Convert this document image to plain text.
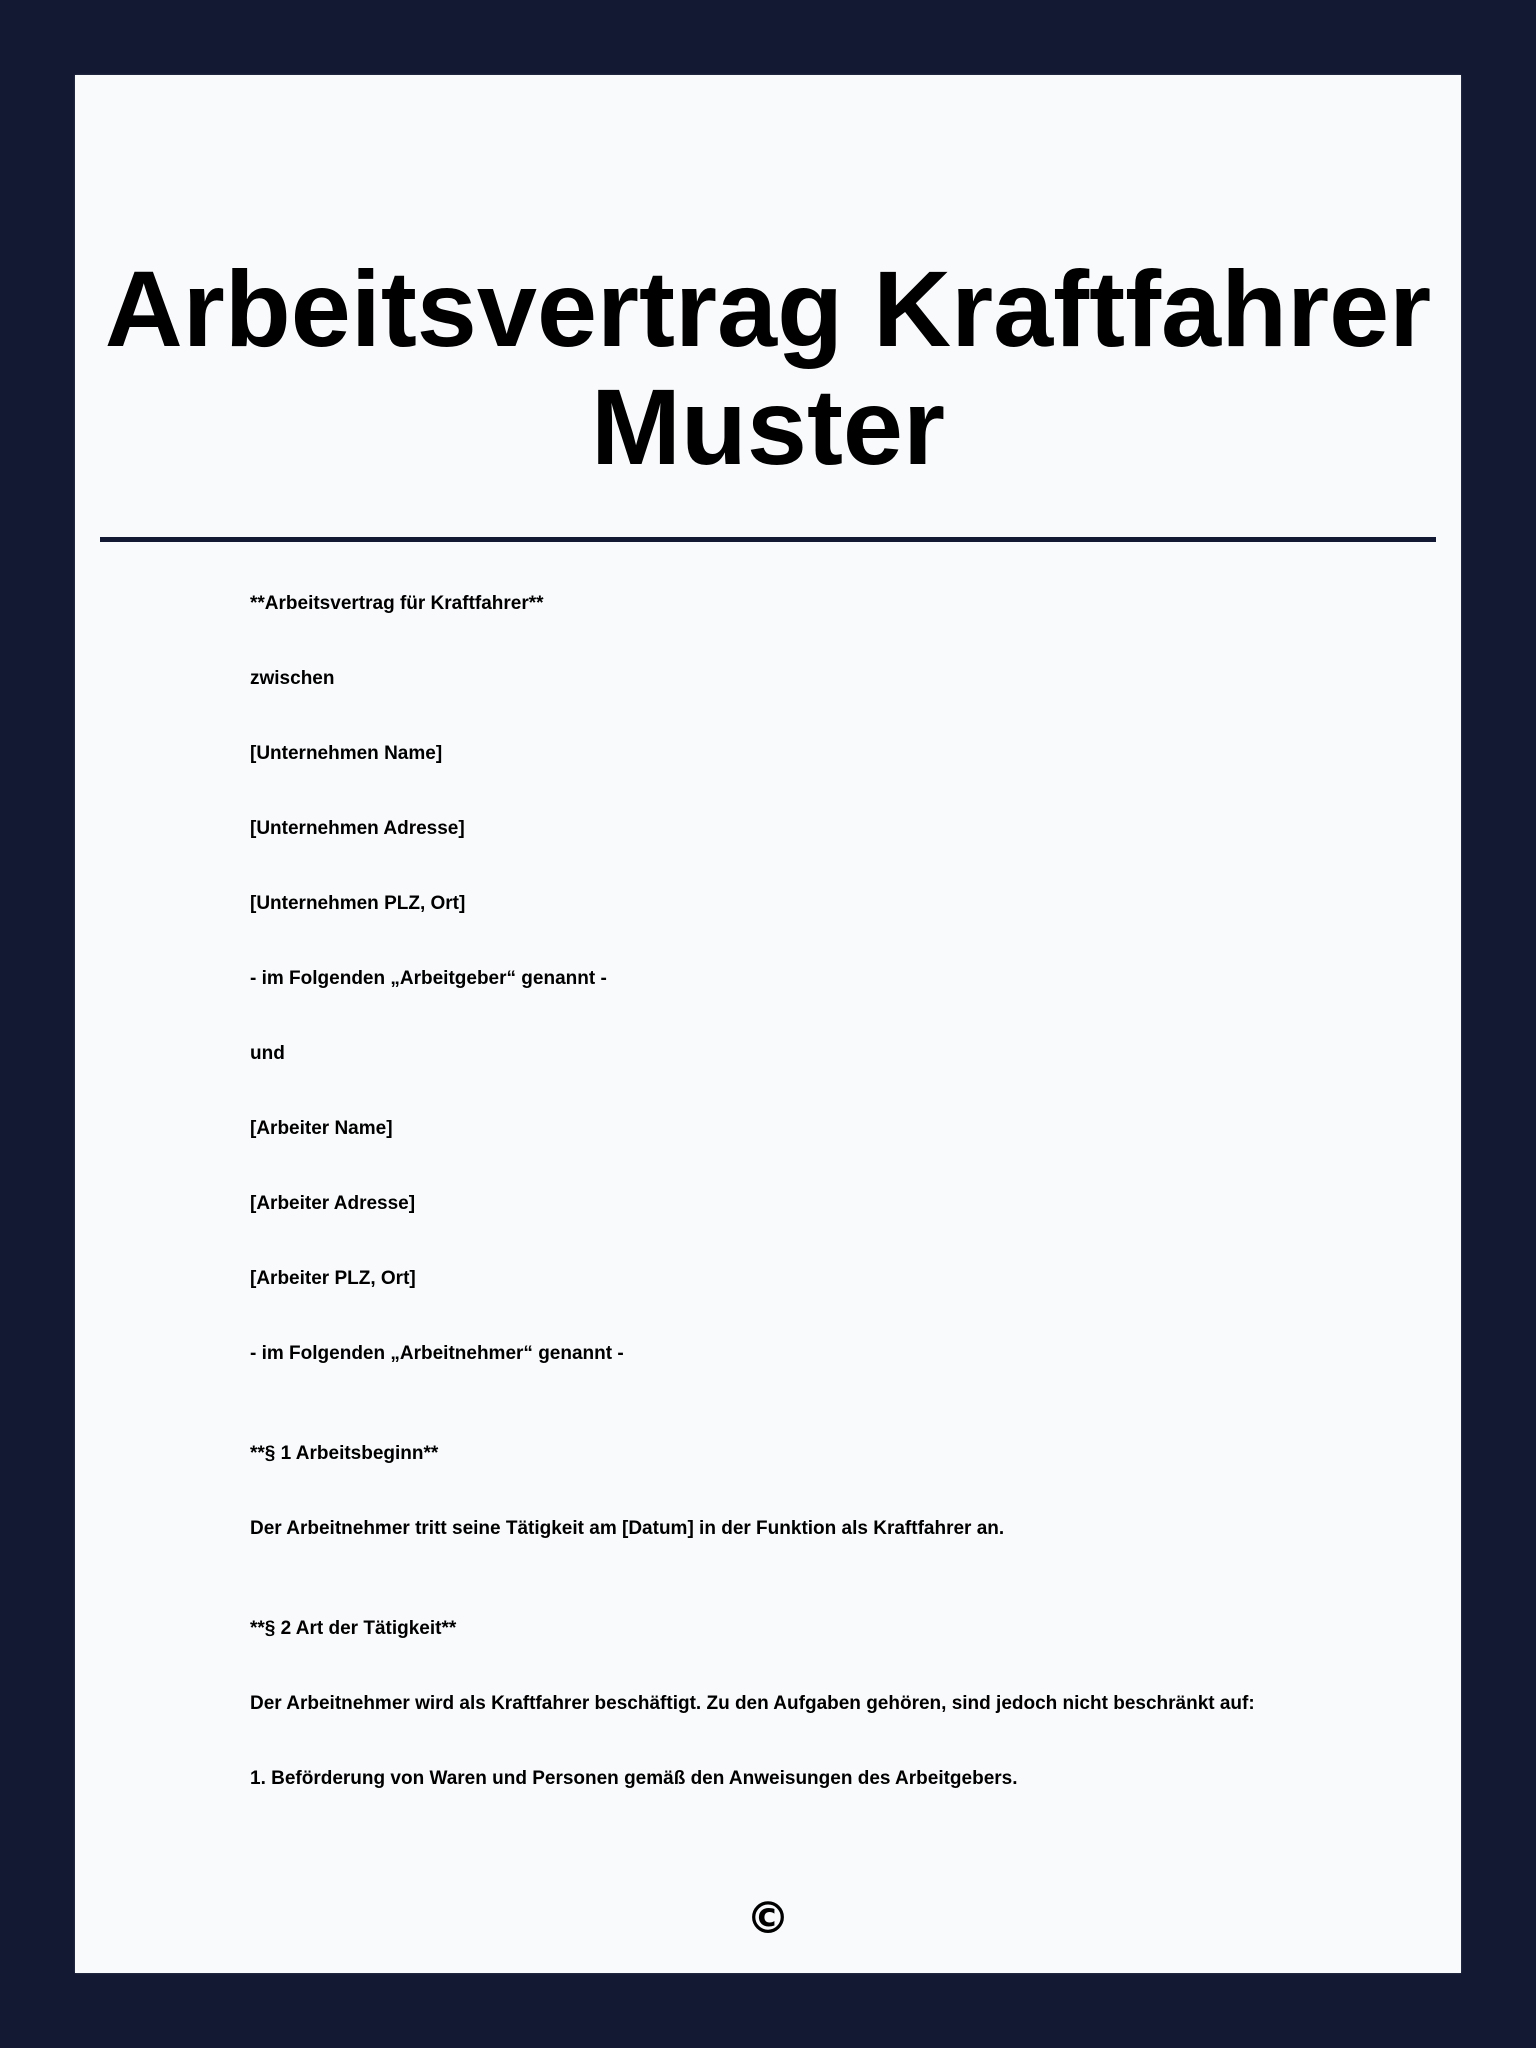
Arbeitsvertrag Kraftfahrer Muster

**Arbeitsvertrag für Kraftfahrer**

zwischen

[Unternehmen Name]

[Unternehmen Adresse]

[Unternehmen PLZ, Ort]

- im Folgenden „Arbeitgeber“ genannt -

und

[Arbeiter Name]

[Arbeiter Adresse]

[Arbeiter PLZ, Ort]

- im Folgenden „Arbeitnehmer“ genannt -

**§ 1 Arbeitsbeginn**

Der Arbeitnehmer tritt seine Tätigkeit am [Datum] in der Funktion als Kraftfahrer an.

**§ 2 Art der Tätigkeit**

Der Arbeitnehmer wird als Kraftfahrer beschäftigt. Zu den Aufgaben gehören, sind jedoch nicht beschränkt auf:

1. Beförderung von Waren und Personen gemäß den Anweisungen des Arbeitgebers.

©
